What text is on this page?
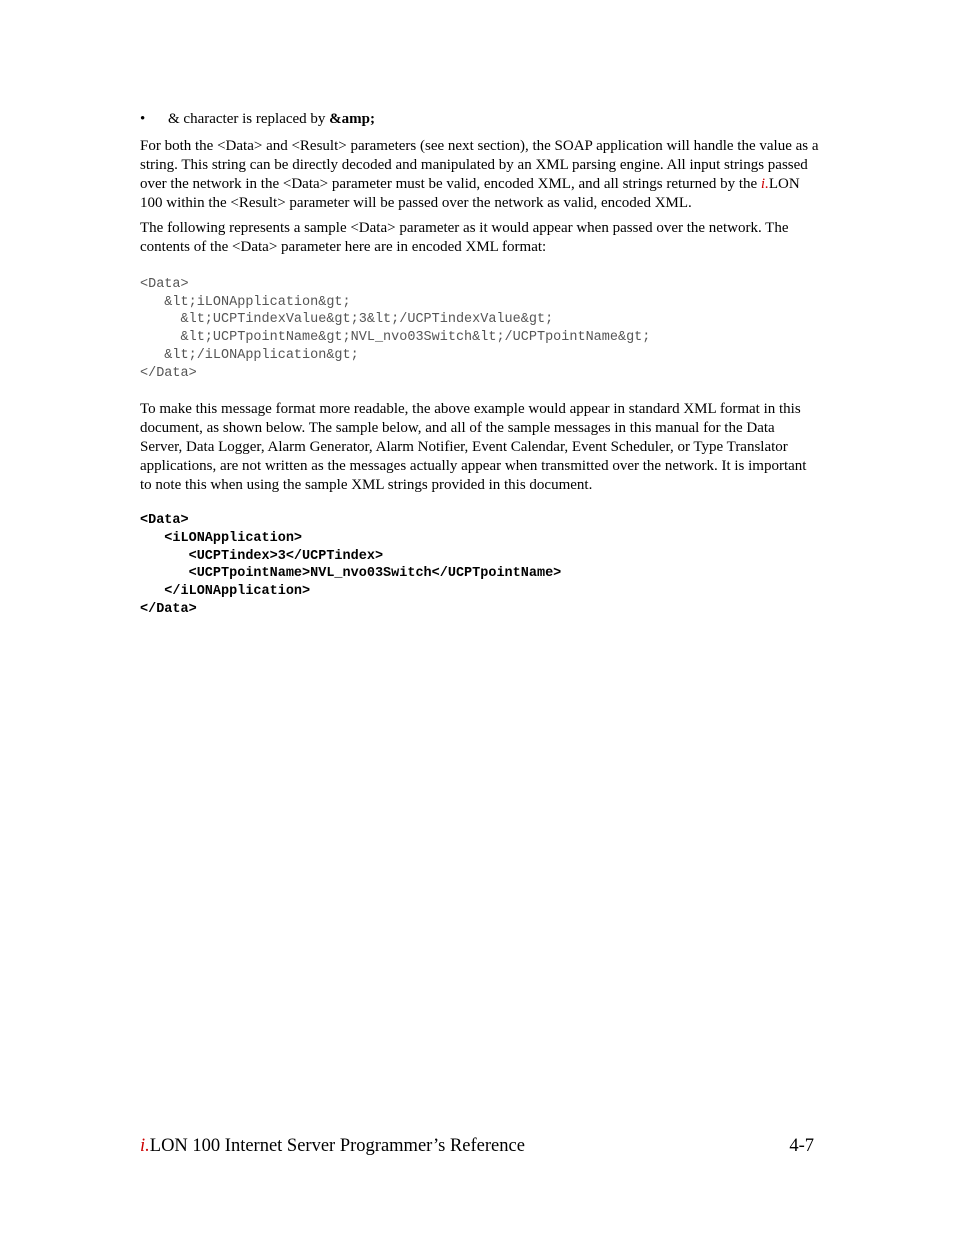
•	& character is replaced by &amp;

For both the <Data> and <Result> parameters (see next section), the SOAP application will handle the value as a string. This string can be directly decoded and manipulated by an XML parsing engine. All input strings passed over the network in the <Data> parameter must be valid, encoded XML, and all strings returned by the i.LON 100 within the <Result> parameter will be passed over the network as valid, encoded XML.

The following represents a sample <Data> parameter as it would appear when passed over the network. The contents of the <Data> parameter here are in encoded XML format:

<Data>
&lt;iLONApplication&gt;
&lt;UCPTindexValue&gt;3&lt;/UCPTindexValue&gt;
&lt;UCPTpointName&gt;NVL_nvo03Switch&lt;/UCPTpointName&gt;
&lt;/iLONApplication&gt;
</Data>

To make this message format more readable, the above example would appear in standard XML format in this document, as shown below. The sample below, and all of the sample messages in this manual for the Data Server, Data Logger, Alarm Generator, Alarm Notifier, Event Calendar, Event Scheduler, or Type Translator applications, are not written as the messages actually appear when transmitted over the network. It is important to note this when using the sample XML strings provided in this document.

<Data>
<iLONApplication>
<UCPTindex>3</UCPTindex>
<UCPTpointName>NVL_nvo03Switch</UCPTpointName>
</iLONApplication>
</Data>
i.LON 100 Internet Server Programmer’s Reference	4-7
